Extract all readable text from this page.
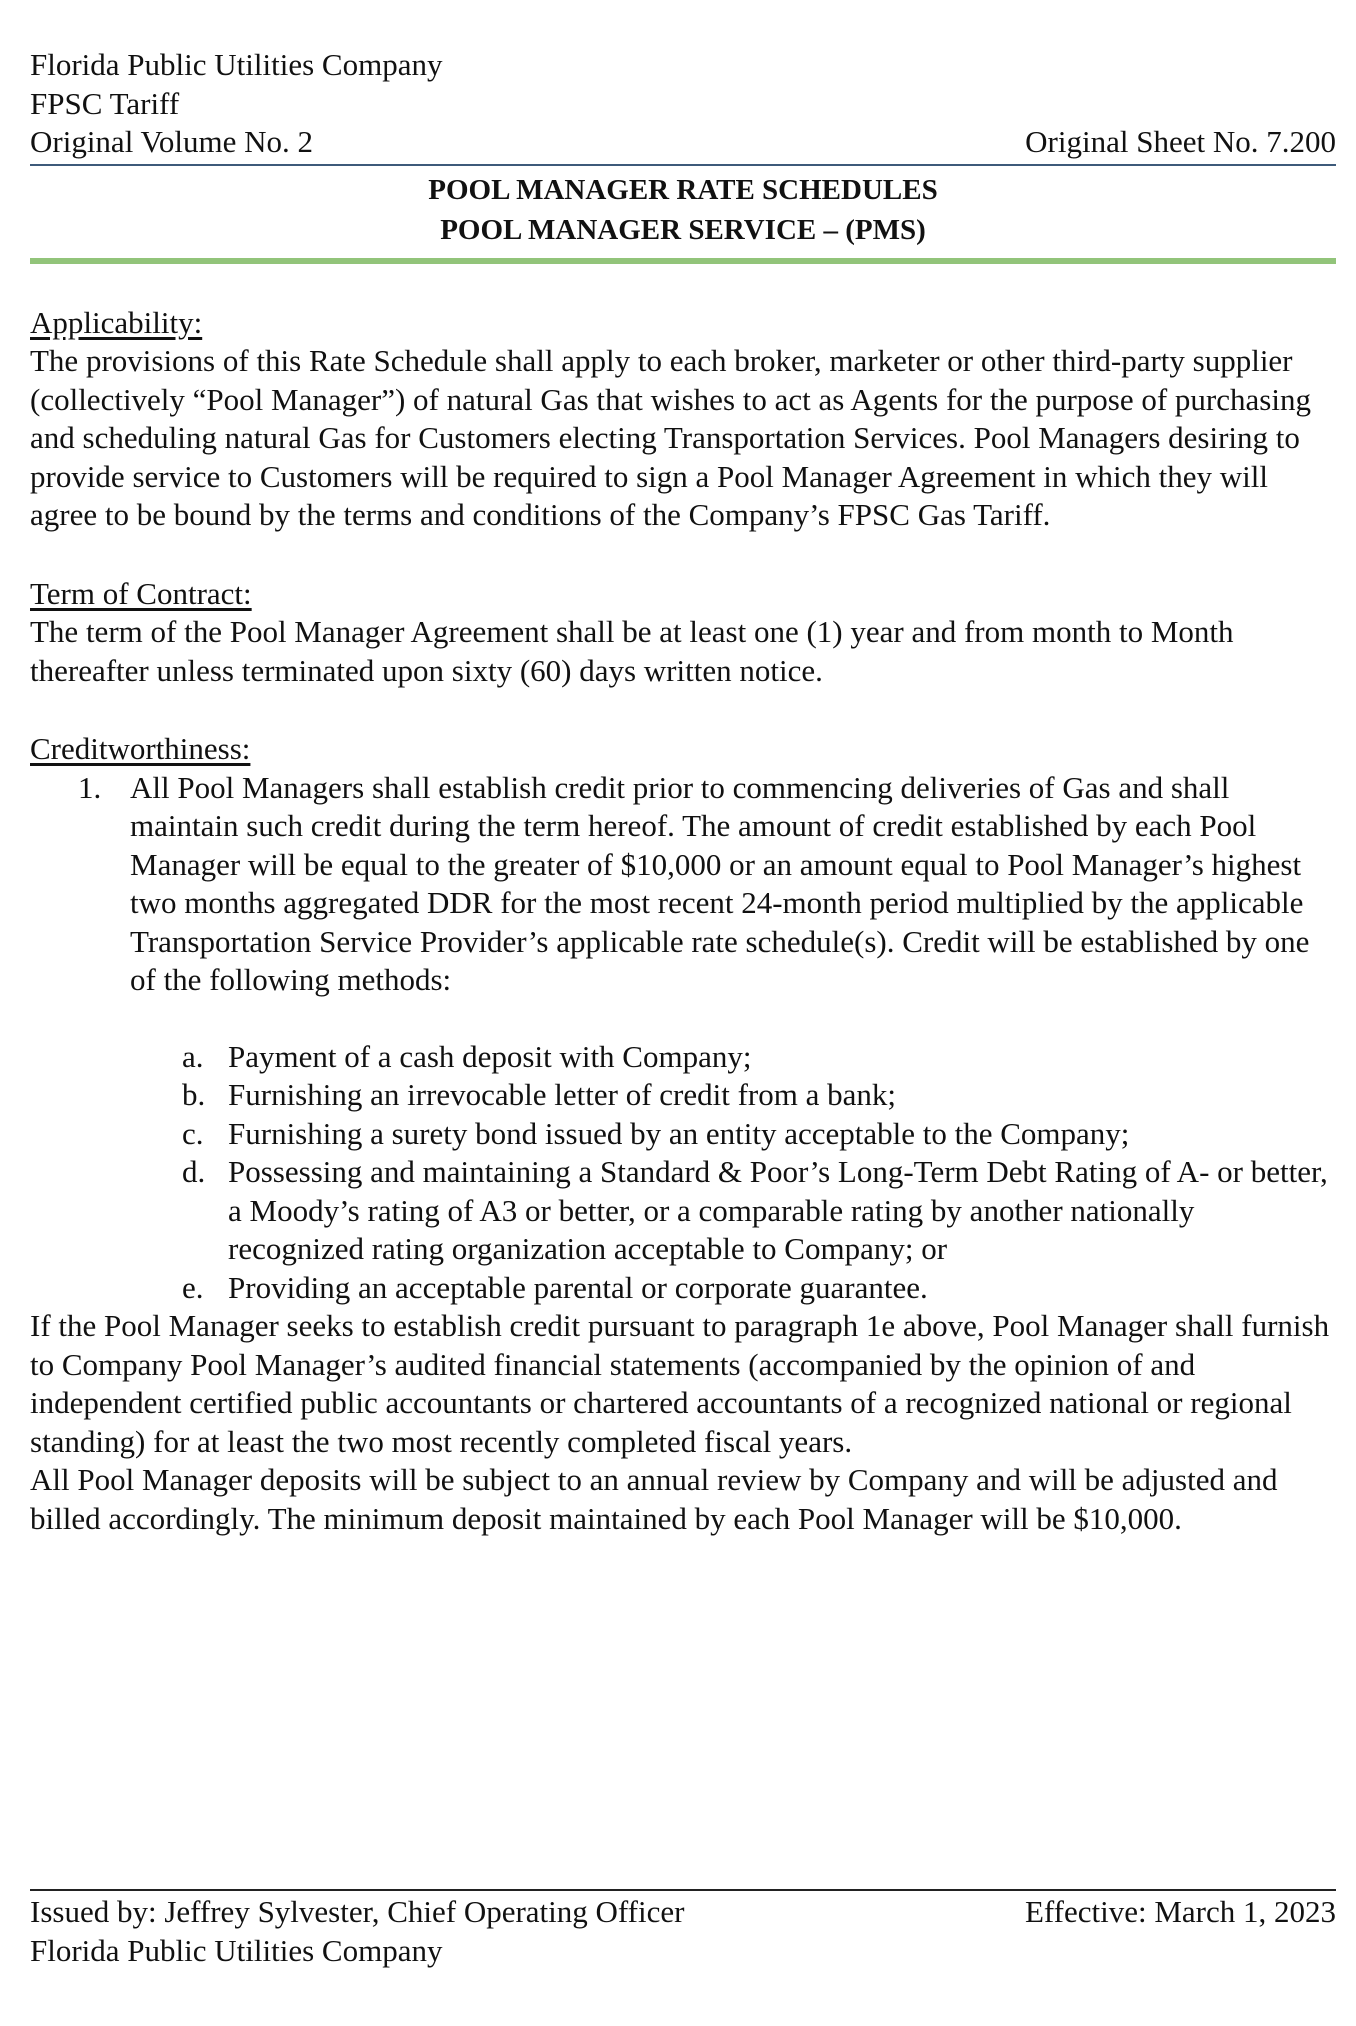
Florida Public Utilities Company
FPSC Tariff
Original Volume No. 2	Original Sheet No. 7.200
POOL MANAGER RATE SCHEDULES
POOL MANAGER SERVICE – (PMS)
Applicability:

The provisions of this Rate Schedule shall apply to each broker, marketer or other third-party supplier (collectively “Pool Manager”) of natural Gas that wishes to act as Agents for the purpose of purchasing and scheduling natural Gas for Customers electing Transportation Services. Pool Managers desiring to provide service to Customers will be required to sign a Pool Manager Agreement in which they will agree to be bound by the terms and conditions of the Company’s FPSC Gas Tariff.

Term of Contract:

The term of the Pool Manager Agreement shall be at least one (1) year and from month to Month thereafter unless terminated upon sixty (60) days written notice.

Creditworthiness:
1. All Pool Managers shall establish credit prior to commencing deliveries of Gas and shall maintain such credit during the term hereof. The amount of credit established by each Pool Manager will be equal to the greater of $10,000 or an amount equal to Pool Manager’s highest two months aggregated DDR for the most recent 24-month period multiplied by the applicable Transportation Service Provider’s applicable rate schedule(s). Credit will be established by one of the following methods:
a. Payment of a cash deposit with Company;
b. Furnishing an irrevocable letter of credit from a bank;
c. Furnishing a surety bond issued by an entity acceptable to the Company;
d. Possessing and maintaining a Standard & Poor’s Long-Term Debt Rating of A- or better, a Moody’s rating of A3 or better, or a comparable rating by another nationally recognized rating organization acceptable to Company; or
e. Providing an acceptable parental or corporate guarantee.

If the Pool Manager seeks to establish credit pursuant to paragraph 1e above, Pool Manager shall furnish to Company Pool Manager’s audited financial statements (accompanied by the opinion of and independent certified public accountants or chartered accountants of a recognized national or regional standing) for at least the two most recently completed fiscal years.

All Pool Manager deposits will be subject to an annual review by Company and will be adjusted and billed accordingly. The minimum deposit maintained by each Pool Manager will be $10,000.

Issued by: Jeffrey Sylvester, Chief Operating Officer	Effective: March 1, 2023
Florida Public Utilities Company
